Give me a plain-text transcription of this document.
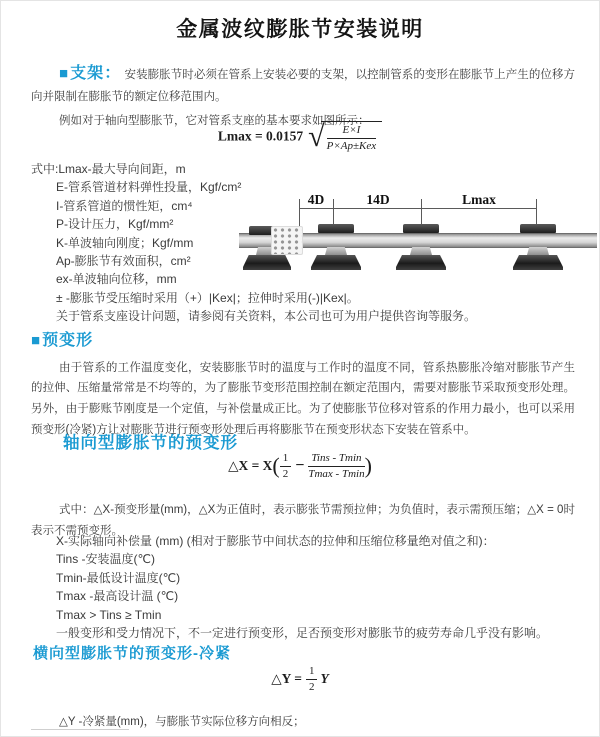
金属波纹膨胀节安装说明

■支架： 安装膨胀节时必须在管系上安装必要的支架，以控制管系的变形在膨胀节上产生的位移方向并限制在膨胀节的额定位移范围内。

例如对于轴向型膨胀节，它对管系支座的基本要求如图所示：

Lmax = 0.0157 √ $\frac{E\times I}{\text{P×Ap±Kex}}$
式中:Lmax-最大导向间距，m
E-管系管道材料弹性投量，Kgf/cm²
I-管系管道的惯性矩，cm⁴
P-设计压力，Kgf/mm²
K-单波轴向刚度；Kgf/mm
Ap-膨胀节有效面积，cm²
ex-单波轴向位移，mm
± -膨胀节受压缩时采用（+）|Kex|；拉伸时采用(-)|Kex|。
关于管系支座设计问题，请参阅有关资料，本公司也可为用户提供咨询等服务。
4D	14D	Lmax
■预变形

由于管系的工作温度变化，安装膨胀节时的温度与工作时的温度不同，管系热膨胀冷缩对膨胀节产生的拉伸、压缩量常常是不均等的，为了膨胀节变形范围控制在额定范围内，需要对膨胀节采取预变形处理。另外，由于膨账节刚度是一个定值，与补偿量成正比。为了使膨胀节位移对管系的作用力最小，也可以采用预变形(冷紧)方让对膨胀节进行预变形处理后再将膨胀节在预变形状态下安装在管系中。

轴向型膨胀节的预变形
△X = $X( \frac{1}{2} - \frac{\text{Tins - Tmin}}{Tmax - Tmin}$ )

式中：△X-预变形量(mm)，△X为正值时，表示膨张节需预拉伸；为负值时，表示需预压缩；△X = 0时表示不需预变形。

X-实际轴向补偿量 (mm) (相对于膨胀节中间状态的拉伸和压缩位移量绝对值之和)：
Tins -安装温度(℃)
Tmin-最低设计温度(℃)
Tmax -最高设计温 (℃)
Tmax > Tins ≥ Tmin
一般变形和受力情况下，不一定进行预变形，足否预变形对膨胀节的疲劳寿命几乎没有影响。
横向型膨胀节的预变形-冷紧
△Y = $\frac{1}{2}$ Y

△Y -冷紧量(mm)，与膨胀节实际位移方向相反；
